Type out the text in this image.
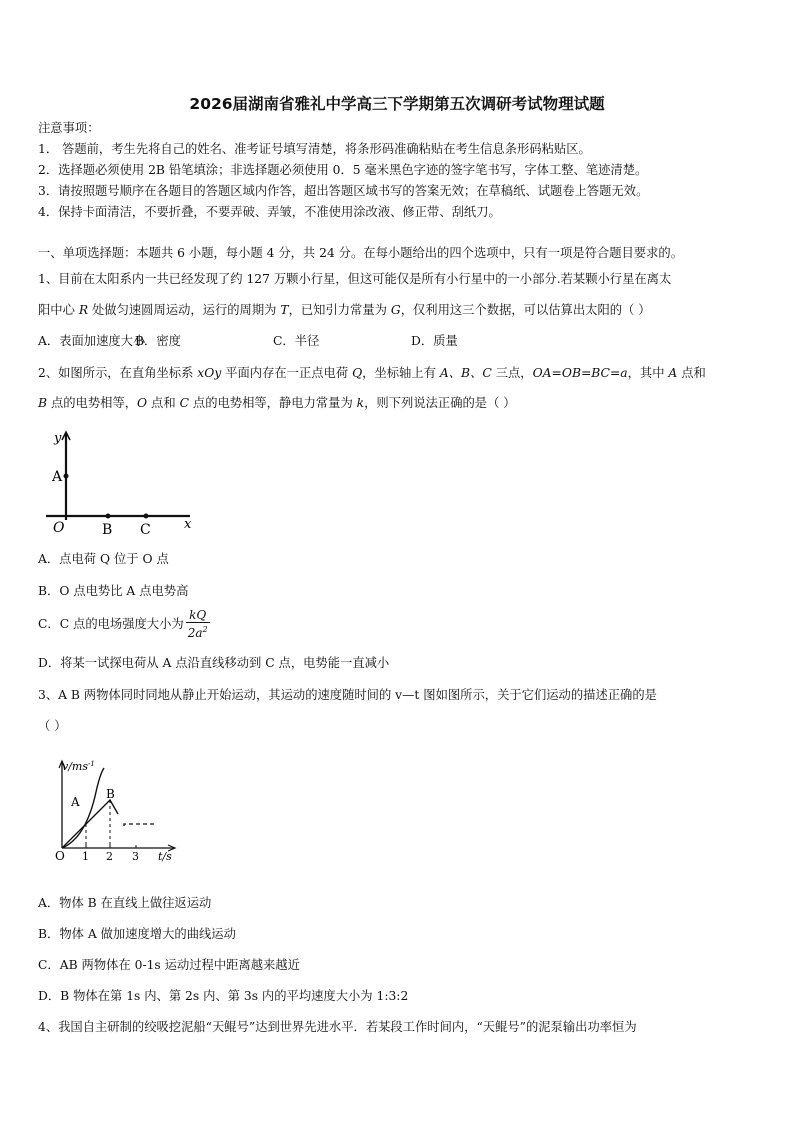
2026届湖南省雅礼中学高三下学期第五次调研考试物理试题
注意事项：
1． 答题前，考生先将自己的姓名、准考证号填写清楚，将条形码准确粘贴在考生信息条形码粘贴区。
2．选择题必须使用 2B 铅笔填涂；非选择题必须使用 0．5 毫米黑色字迹的签字笔书写，字体工整、笔迹清楚。
3．请按照题号顺序在各题目的答题区域内作答，超出答题区域书写的答案无效；在草稿纸、试题卷上答题无效。
4．保持卡面清洁，不要折叠，不要弄破、弄皱，不准使用涂改液、修正带、刮纸刀。
一、单项选择题：本题共 6 小题，每小题 4 分，共 24 分。在每小题给出的四个选项中，只有一项是符合题目要求的。
1、目前在太阳系内一共已经发现了约 127 万颗小行星，但这可能仅是所有小行星中的一小部分.若某颗小行星在离太
阳中心 R 处做匀速圆周运动，运行的周期为 T，已知引力常量为 G，仅利用这三个数据，可以估算出太阳的（ ）
A．表面加速度大小B．密度	C．半径	D．质量
2、如图所示，在直角坐标系 xOy 平面内存在一正点电荷 Q，坐标轴上有 A、B、C 三点，OA=OB=BC=a，其中 A 点和
B 点的电势相等，O 点和 C 点的电势相等，静电力常量为 k，则下列说法正确的是（ ）
y
A
O	B C	x
A．点电荷 Q 位于 O 点
B．O 点电势比 A 点电势高
C．C 点的电场强度大小为 $\frac{kQ}{2a^2}$
D．将某一试探电荷从 A 点沿直线移动到 C 点，电势能一直减小
3、A B 两物体同时同地从静止开始运动，其运动的速度随时间的 v—t 图如图所示，关于它们运动的描述正确的是
（ ）
$v/ms^{-1}$
A
B
O 1 2 3 t/s
A．物体 B 在直线上做往返运动
B．物体 A 做加速度增大的曲线运动
C．AB 两物体在 0-1s 运动过程中距离越来越近
D．B 物体在第 1s 内、第 2s 内、第 3s 内的平均速度大小为 1:3:2
4、我国自主研制的绞吸挖泥船“天鲲号”达到世界先进水平．若某段工作时间内，“天鲲号”的泥泵输出功率恒为
